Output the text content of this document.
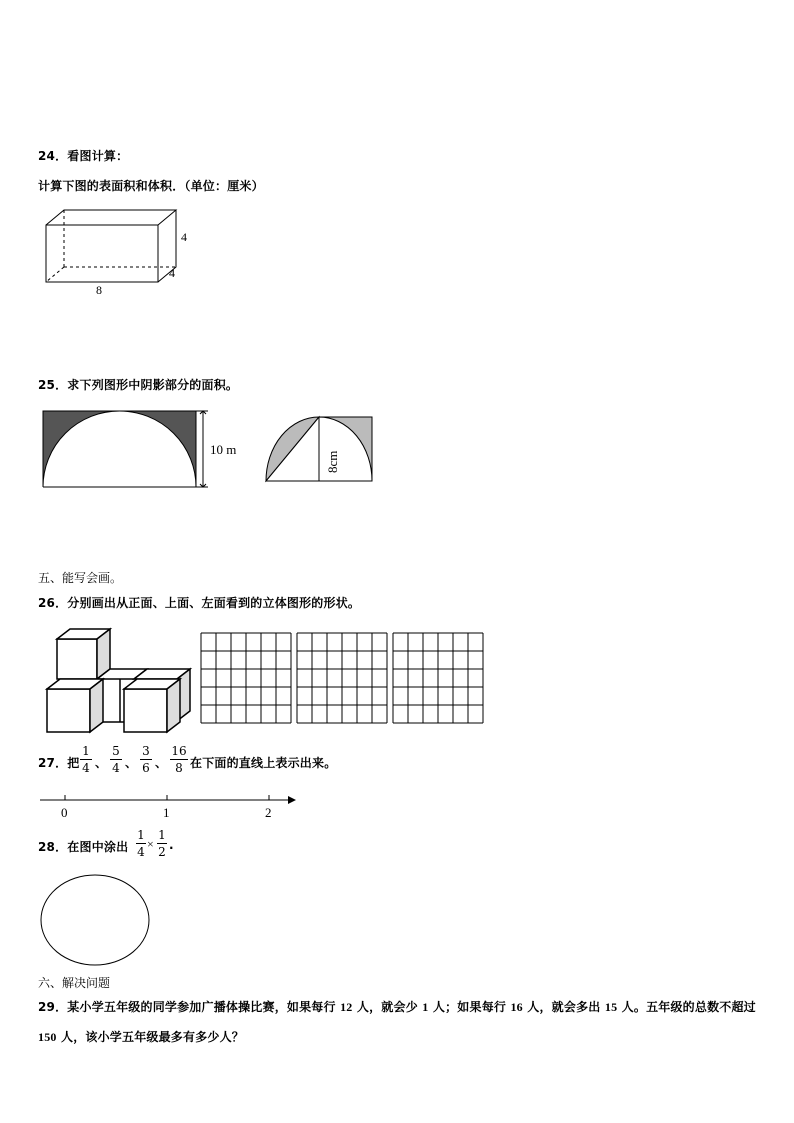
24．看图计算：
计算下图的表面积和体积．（单位：厘米）
4
4
8
25．求下列图形中阴影部分的面积。
10 m
8cm
五、能写会画。
26．分别画出从正面、上面、左面看到的立体图形的形状。
27．把
1
4 、
5
4 、
3
6 、
16
8 在下面的直线上表示出来。
0	1	2
28．在图中涂出
1
4
×
1
2 .
六、解决问题
29．某小学五年级的同学参加广播体操比赛，如果每行 12 人，就会少 1 人；如果每行 16 人，就会多出 15 人。五年级的总数不超过 150 人，该小学五年级最多有多少人？
